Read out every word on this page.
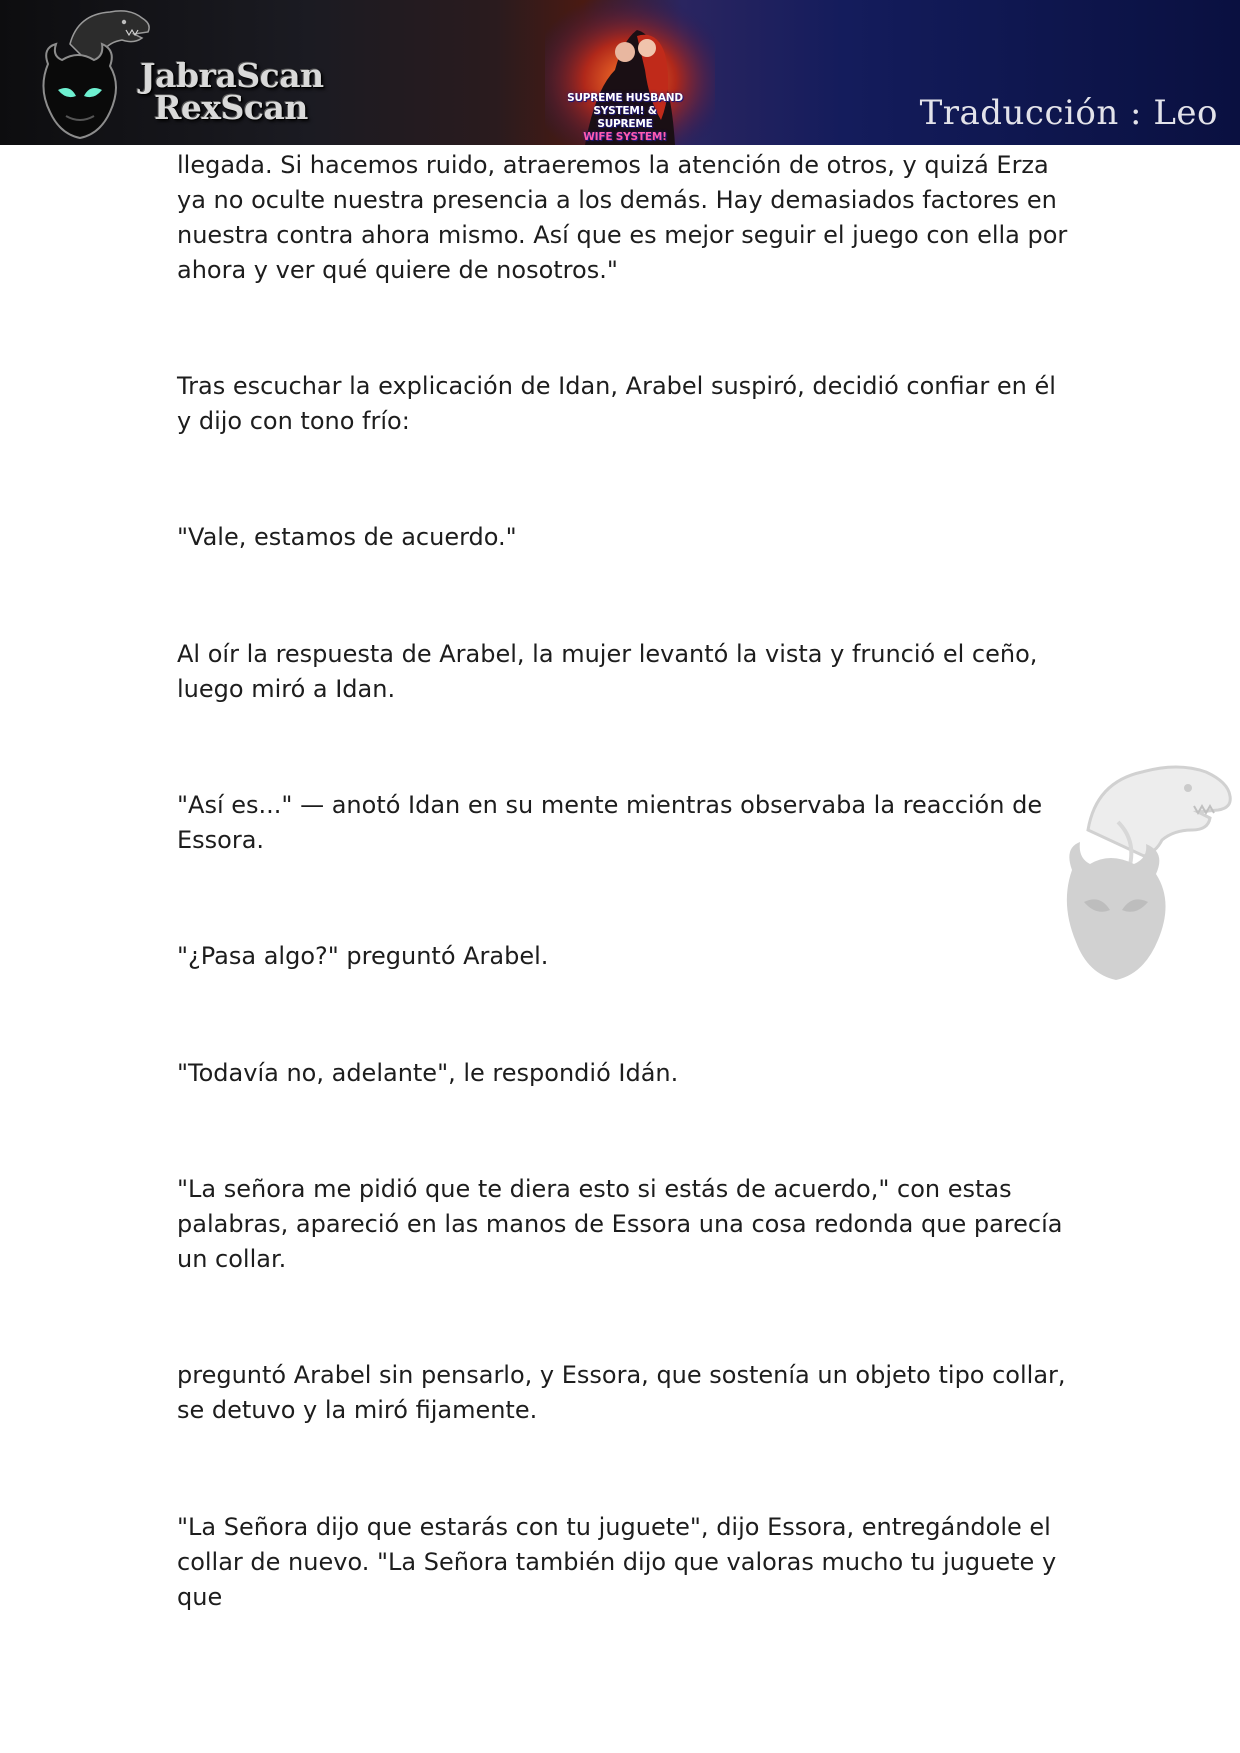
JabraScan
RexScan	SUPREME HUSBAND
SYSTEM! & SUPREME
WIFE SYSTEM!
Traducción : Leo

llegada. Si hacemos ruido, atraeremos la atención de otros, y quizá Erza ya no oculte nuestra presencia a los demás. Hay demasiados factores en nuestra contra ahora mismo. Así que es mejor seguir el juego con ella por ahora y ver qué quiere de nosotros."

Tras escuchar la explicación de Idan, Arabel suspiró, decidió confiar en él y dijo con tono frío:

"Vale, estamos de acuerdo."

Al oír la respuesta de Arabel, la mujer levantó la vista y frunció el ceño, luego miró a Idan.

"Así es..." — anotó Idan en su mente mientras observaba la reacción de Essora.

"¿Pasa algo?" preguntó Arabel.

"Todavía no, adelante", le respondió Idán.

"La señora me pidió que te diera esto si estás de acuerdo," con estas palabras, apareció en las manos de Essora una cosa redonda que parecía un collar.

preguntó Arabel sin pensarlo, y Essora, que sostenía un objeto tipo collar, se detuvo y la miró fijamente.

"La Señora dijo que estarás con tu juguete", dijo Essora, entregándole el collar de nuevo. "La Señora también dijo que valoras mucho tu juguete y que
